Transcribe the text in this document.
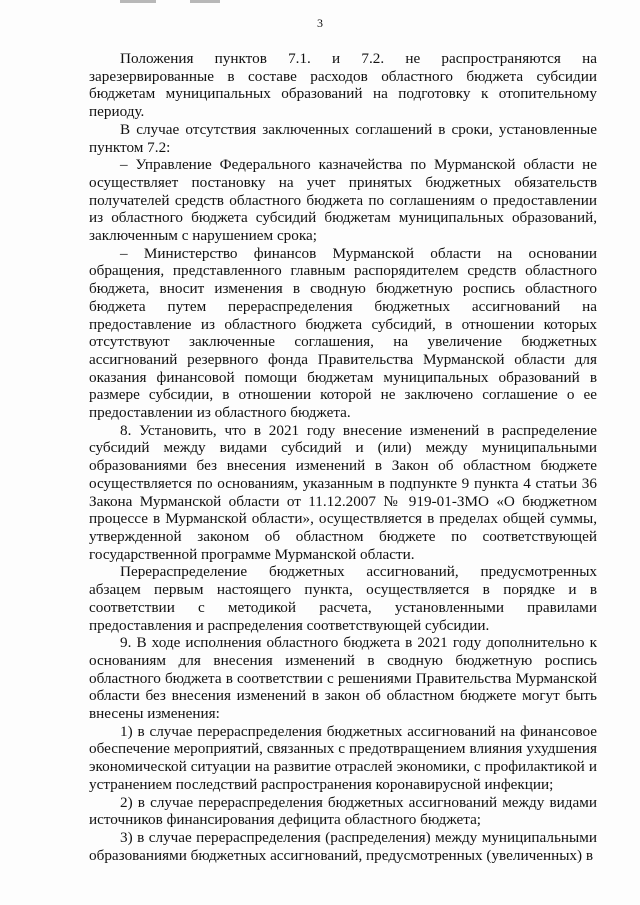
3

Положения пунктов 7.1. и 7.2. не распространяются на зарезервированные в составе расходов областного бюджета субсидии бюджетам муниципальных образований на подготовку к отопительному периоду.

В случае отсутствия заключенных соглашений в сроки, установленные пунктом 7.2:

– Управление Федерального казначейства по Мурманской области не осуществляет постановку на учет принятых бюджетных обязательств получателей средств областного бюджета по соглашениям о предоставлении из областного бюджета субсидий бюджетам муниципальных образований, заключенным с нарушением срока;

– Министерство финансов Мурманской области на основании обращения, представленного главным распорядителем средств областного бюджета, вносит изменения в сводную бюджетную роспись областного бюджета путем перераспределения бюджетных ассигнований на предоставление из областного бюджета субсидий, в отношении которых отсутствуют заключенные соглашения, на увеличение бюджетных ассигнований резервного фонда Правительства Мурманской области для оказания финансовой помощи бюджетам муниципальных образований в размере субсидии, в отношении которой не заключено соглашение о ее предоставлении из областного бюджета.

8. Установить, что в 2021 году внесение изменений в распределение субсидий между видами субсидий и (или) между муниципальными образованиями без внесения изменений в Закон об областном бюджете осуществляется по основаниям, указанным в подпункте 9 пункта 4 статьи 36 Закона Мурманской области от 11.12.2007 № 919-01-ЗМО «О бюджетном процессе в Мурманской области», осуществляется в пределах общей суммы, утвержденной законом об областном бюджете по соответствующей государственной программе Мурманской области.

Перераспределение бюджетных ассигнований, предусмотренных абзацем первым настоящего пункта, осуществляется в порядке и в соответствии с методикой расчета, установленными правилами предоставления и распределения соответствующей субсидии.

9. В ходе исполнения областного бюджета в 2021 году дополнительно к основаниям для внесения изменений в сводную бюджетную роспись областного бюджета в соответствии с решениями Правительства Мурманской области без внесения изменений в закон об областном бюджете могут быть внесены изменения:

1) в случае перераспределения бюджетных ассигнований на финансовое обеспечение мероприятий, связанных с предотвращением влияния ухудшения экономической ситуации на развитие отраслей экономики, с профилактикой и устранением последствий распространения коронавирусной инфекции;

2) в случае перераспределения бюджетных ассигнований между видами источников финансирования дефицита областного бюджета;

3) в случае перераспределения (распределения) между муниципальными образованиями бюджетных ассигнований, предусмотренных (увеличенных) в
